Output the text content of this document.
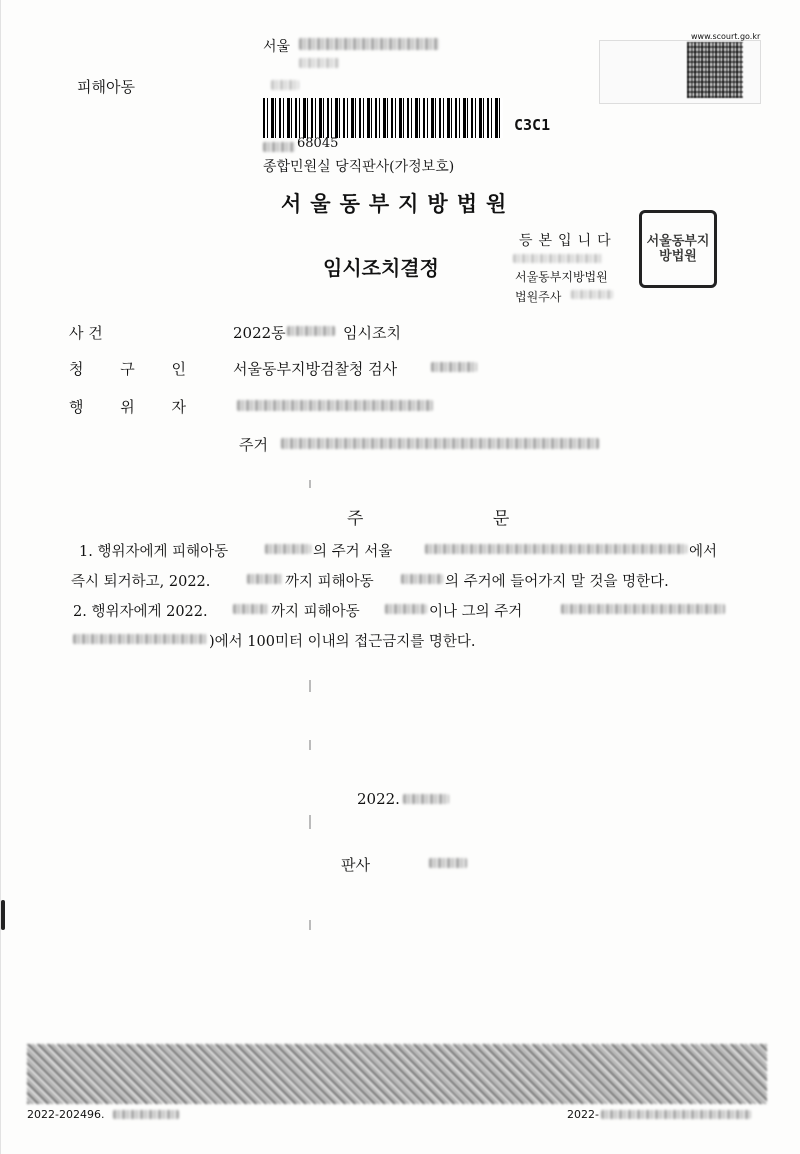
피해아동
서울
C3C1
68045
종합민원실 당직판사(가정보호)
www.scourt.go.kr
서울동부지방법원
임시조치결정
등본입니다
서울동부지방법원
법원주사
서울동부지방법원
사 건	2022동	임시조치
청 구 인 서울동부지방검찰청 검사
행 위 자
주거
주 문
1. 행위자에게 피해아동	의 주거 서울	에서
즉시 퇴거하고, 2022.	까지 피해아동	의 주거에 들어가지 말 것을 명한다.
2. 행위자에게 2022.	까지 피해아동	이나 그의 주거
)에서 100미터 이내의 접근금지를 명한다.
2022.
판사
2022-202496.	2022-
